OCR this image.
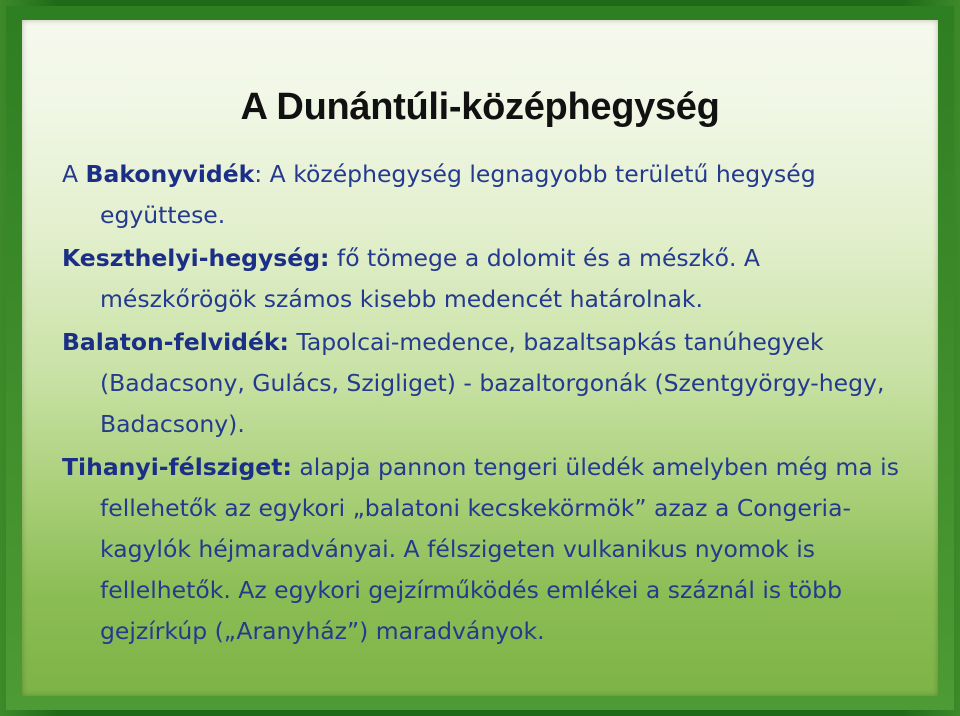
A Dunántúli-középhegység

A Bakonyvidék: A középhegység legnagyobb területű hegység együttese.

Keszthelyi-hegység: fő tömege a dolomit és a mészkő. A mészkőrögök számos kisebb medencét határolnak.

Balaton-felvidék: Tapolcai-medence, bazaltsapkás tanúhegyek (Badacsony, Gulács, Szigliget) - bazaltorgonák (Szentgyörgy-hegy, Badacsony).

Tihanyi-félsziget: alapja pannon tengeri üledék amelyben még ma is fellehetők az egykori „balatoni kecskekörmök” azaz a Congeria-kagylók héjmaradványai. A félszigeten vulkanikus nyomok is fellelhetők. Az egykori gejzírműködés emlékei a száznál is több gejzírkúp („Aranyház”) maradványok.
